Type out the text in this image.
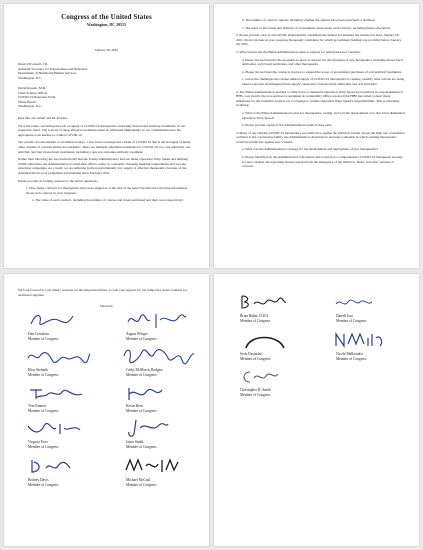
Congress of the United States
Washington, DC 20515
January 28, 2022
Dawn O'Connell, J.D.
Assistant Secretary for Preparedness and Response
Department of Health and Human Services
Washington, D.C.
David Kessler, M.D.
Chief Science Officer
COVID-19 Response Team
White House
Washington, D.C.

Dear Ms. O'Connell and Dr. Kessler,

We write today concerning the lack of supply of COVID-19 therapeutics, including monoclonal antibody treatments, in our respective states. The scarcity of these effective treatments must be addressed immediately so our communities have the appropriate tools needed to combat COVID-19.

The assault on is the middle of an Omicron surge, a new but not unexpected variant of COVID-19 that is the strongest of many other variants of concern during the pandemic. There are multiple outpatient treatments for COVID-19: two oral antivirals, one antiviral, and four monoclonal treatments, including a new pre-exposure antibody treatment.

Rather than following the successful model that the Trump Administration laid out under Operation Warp Speed and utilizing ASPR authorities, the Administration focused their efforts solely on constantly changing masking requirements and vaccine education campaigns. As a result, we are suffering from an unfortunately low supply of effective therapeutics because of the Administration's poor judgement and planning since February 2021.

Please provide, in writing, answers to the below questions:

1. How many contracts for therapeutics have been signed as of the date of the letter? Include the following information about each contract in your response:

a. The value of each contract, including the number of courses and doses purchased and their costs respectively;

b. The number of contract options, including whether the options have been exercised or declined;

c. The dates of allocation and delivery of Government doses under each contract, including future allocations.

2. Please provide a list of all COVID-19 therapeutic candidates the federal government has invested in since January 20, 2021. Do not include in your response therapeutic candidates for which government funding was provided before January 20, 2021.

3. What actions has the Biden Administration taken to prepare for anticipated new variants?

a. Please list and describe the programs in place to support the development of new therapeutics including monoclonal antibodies, polyclonal antibodies, and other therapeutics.

b. Please list and describe contracts in place to expand the scope of government purchases of oral antiviral treatments.

c. Given the challenges the current limited supply of COVID-19 therapeutics is causing, identify what actions are being taken to prevent and mitigate future supply constraints of monoclonal antibodies and oral antivirals.

4. The Biden Administration decided to ramp down to dismantle Operation Warp Speed and transition its responsibilities to HHS. Last month, the non-partisan Government Accountability Office reported that HHS has failed to meet many milestones for the transition and has yet to reassign to resume Operation Warp Speed's responsibilities. This is extremely troubling.

a. What is the Biden Administration's plan for therapeutics, testing, and vaccine development now that it has dismantled Operation Warp Speed?

b. Please provide copies of the Administration's plans if they exist.

5. Many of our existing COVID-19 therapeutics are ineffective against the Omicron variant. Given the high rate of mutation common to the coronavirus family, the Administration should move between a situation in which existing therapeutics would be ineffective against new variants.

a. What was the Administration's strategy for the development and deployment of new therapeutics?

b. Please identify how the Administration will update and/or develop a comprehensive COVID-19 therapeutic strategy for new variants, incorporating lessons learned from the emergence of the Omicron, Delta, and other variants of concern.

We look forward to your timely response on this important matter, as well your support for our temporary states' requests for additional supplies.
Sincerely,
Dan Crenshaw
Member of Congress
August Pfluger
Member of Congress
Elise Stefanik
Member of Congress
Cathy McMorris Rodgers
Member of Congress
Tom Emmer
Member of Congress
Kevin Hern
Member of Congress
Virginia Foxx
Member of Congress
Jason Smith
Member of Congress
Rodney Davis
Member of Congress
Michael McCaul
Member of Congress
Brian Babin, D.D.S.
Member of Congress
Darrell Issa
Member of Congress
Scott Desjarlais
Member of Congress
Nicole Malliotakis
Member of Congress
Christopher H. Smith
Member of Congress
